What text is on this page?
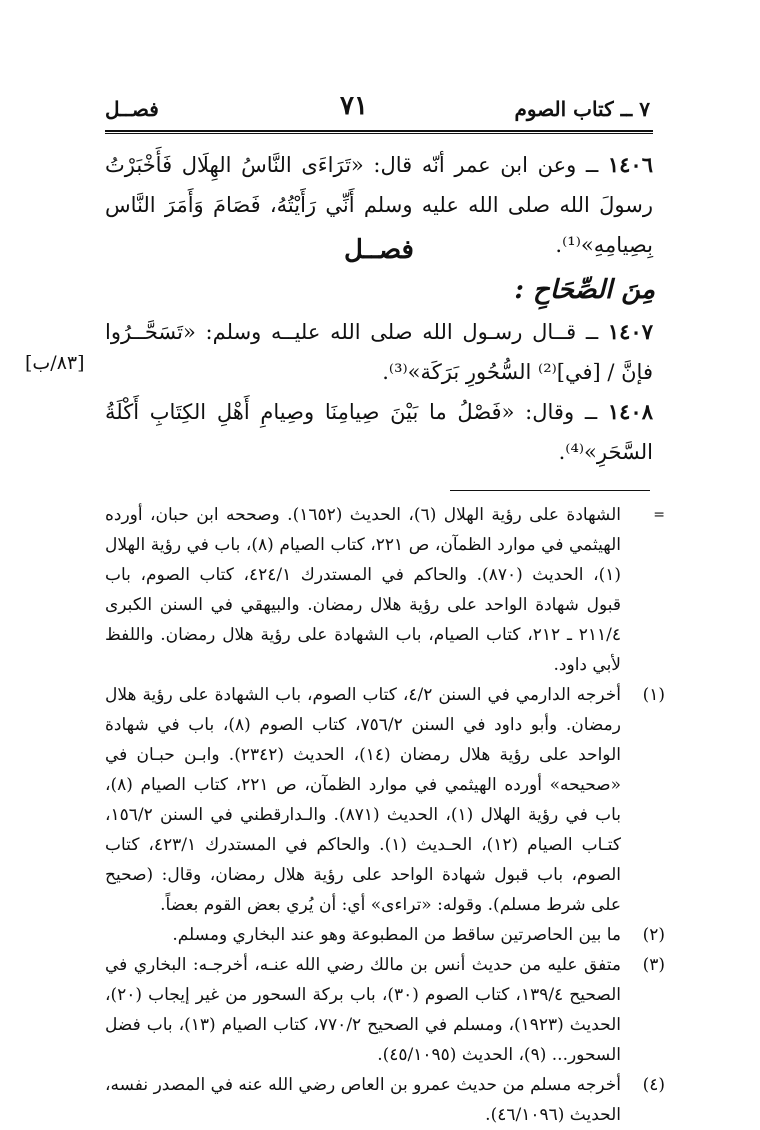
فصــل	٧١	٧ ــ كتاب الصوم
١٤٠٦ ــ وعن ابن عمر أنّه قال: «تَرَاءَى النَّاسُ الهِلَال فَأَخْبَرْتُ رسولَ الله صلى الله عليه وسلم أَنِّي رَأَيْتُهُ، فَصَامَ وَأَمَرَ النَّاس بِصِيامِهِ»⁽¹⁾.
فصــل
مِنَ الصِّحَاحِ :
١٤٠٧ ــ قــال رسـول الله صلى الله عليــه وسلم: «تَسَحَّــرُوا فإنَّ / [في]⁽²⁾ السُّحُورِ بَرَكَة»⁽³⁾.
[٨٣/ب]
١٤٠٨ ــ وقال: «فَصْلُ ما بَيْنَ صِيامِنَا وصِيامِ أَهْلِ الكِتَابِ أَكْلَةُ السَّحَرِ»⁽⁴⁾.
=
الشهادة على رؤية الهلال (٦)، الحديث (١٦٥٢). وصححه ابن حبان، أورده الهيثمي في موارد الظمآن، ص ٢٢١، كتاب الصيام (٨)، باب في رؤية الهلال (١)، الحديث (٨٧٠). والحاكم في المستدرك ٤٢٤/١، كتاب الصوم، باب قبول شهادة الواحد على رؤية هلال رمضان. والبيهقي في السنن الكبرى ٢١١/٤ ـ ٢١٢، كتاب الصيام، باب الشهادة على رؤية هلال رمضان. واللفظ لأبي داود.
(١)
أخرجه الدارمي في السنن ٤/٢، كتاب الصوم، باب الشهادة على رؤية هلال رمضان. وأبو داود في السنن ٧٥٦/٢، كتاب الصوم (٨)، باب في شهادة الواحد على رؤية هلال رمضان (١٤)، الحديث (٢٣٤٢). وابـن حبـان في «صحيحه» أورده الهيثمي في موارد الظمآن، ص ٢٢١، كتاب الصيام (٨)، باب في رؤية الهلال (١)، الحديث (٨٧١). والـدارقطني في السنن ١٥٦/٢، كتـاب الصيام (١٢)، الحـديث (١). والحاكم في المستدرك ٤٢٣/١، كتاب الصوم، باب قبول شهادة الواحد على رؤية هلال رمضان، وقال: (صحيح على شرط مسلم). وقوله: «تراءى» أي: أن يُري بعض القوم بعضاً.
(٢)
ما بين الحاصرتين ساقط من المطبوعة وهو عند البخاري ومسلم.
(٣)
متفق عليه من حديث أنس بن مالك رضي الله عنـه، أخرجـه: البخاري في الصحيح ١٣٩/٤، كتاب الصوم (٣٠)، باب بركة السحور من غير إيجاب (٢٠)، الحديث (١٩٢٣)، ومسلم في الصحيح ٧٧٠/٢، كتاب الصيام (١٣)، باب فضل السحور... (٩)، الحديث (٤٥/١٠٩٥).
(٤)
أخرجه مسلم من حديث عمرو بن العاص رضي الله عنه في المصدر نفسه، الحديث (٤٦/١٠٩٦).
